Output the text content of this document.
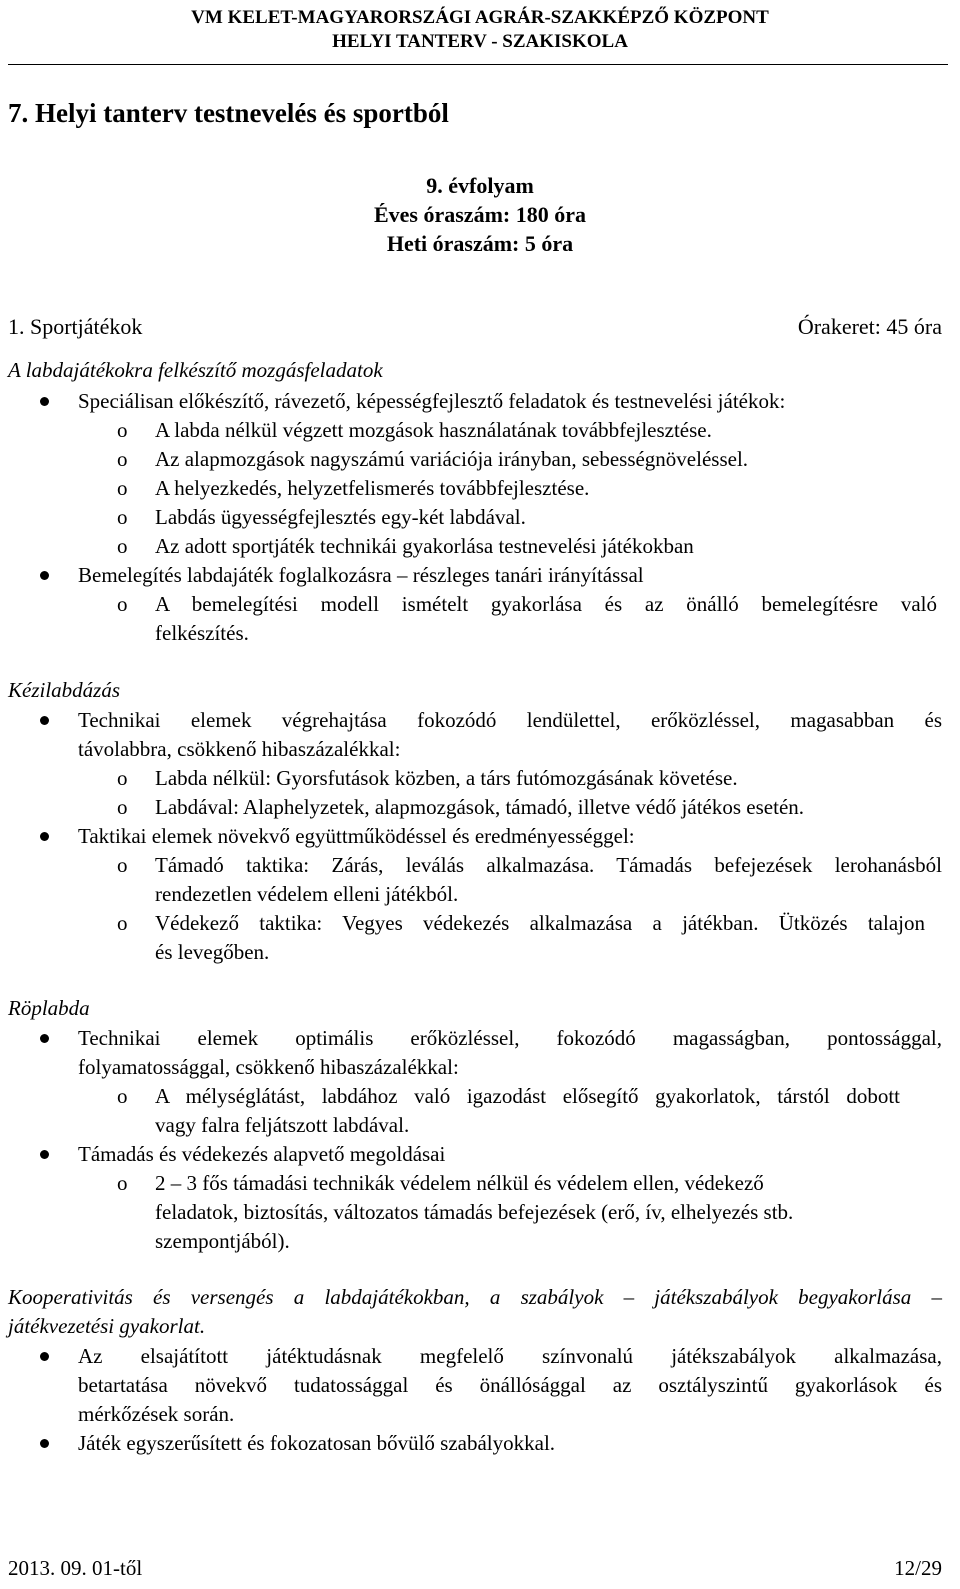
VM KELET-MAGYARORSZÁGI AGRÁR-SZAKKÉPZŐ KÖZPONT
HELYI TANTERV - SZAKISKOLA
7. Helyi tanterv testnevelés és sportból
9. évfolyam
Éves óraszám: 180 óra
Heti óraszám: 5 óra
1. Sportjátékok	Órakeret: 45 óra
A labdajátékokra felkészítő mozgásfeladatok
Speciálisan előkészítő, rávezető, képességfejlesztő feladatok és testnevelési játékok:
o A labda nélkül végzett mozgások használatának továbbfejlesztése.
o Az alapmozgások nagyszámú variációja irányban, sebességnöveléssel.
o A helyezkedés, helyzetfelismerés továbbfejlesztése.
o Labdás ügyességfejlesztés egy-két labdával.
o Az adott sportjáték technikái gyakorlása testnevelési játékokban
Bemelegítés labdajáték foglalkozásra – részleges tanári irányítással
o A bemelegítési modell ismételt gyakorlása és az önálló bemelegítésre való
felkészítés.
Kézilabdázás
Technikai elemek végrehajtása fokozódó lendülettel, erőközléssel, magasabban és
távolabbra, csökkenő hibaszázalékkal:
o Labda nélkül: Gyorsfutások közben, a társ futómozgásának követése.
o Labdával: Alaphelyzetek, alapmozgások, támadó, illetve védő játékos esetén.
Taktikai elemek növekvő együttműködéssel és eredményességgel:
o Támadó taktika: Zárás, leválás alkalmazása. Támadás befejezések lerohanásból
rendezetlen védelem elleni játékból.
o Védekező taktika: Vegyes védekezés alkalmazása a játékban. Ütközés talajon
és levegőben.
Röplabda
Technikai elemek optimális erőközléssel, fokozódó magasságban, pontossággal,
folyamatossággal, csökkenő hibaszázalékkal:
o A mélységlátást, labdához való igazodást elősegítő gyakorlatok, társtól dobott
vagy falra feljátszott labdával.
Támadás és védekezés alapvető megoldásai
o 2 – 3 fős támadási technikák védelem nélkül és védelem ellen, védekező
feladatok, biztosítás, változatos támadás befejezések (erő, ív, elhelyezés stb.
szempontjából).
Kooperativitás és versengés a labdajátékokban, a szabályok – játékszabályok begyakorlása –
játékvezetési gyakorlat.
Az elsajátított játéktudásnak megfelelő színvonalú játékszabályok alkalmazása,
betartatása növekvő tudatossággal és önállósággal az osztályszintű gyakorlások és
mérkőzések során.
Játék egyszerűsített és fokozatosan bővülő szabályokkal.
2013. 09. 01-től	12/29
